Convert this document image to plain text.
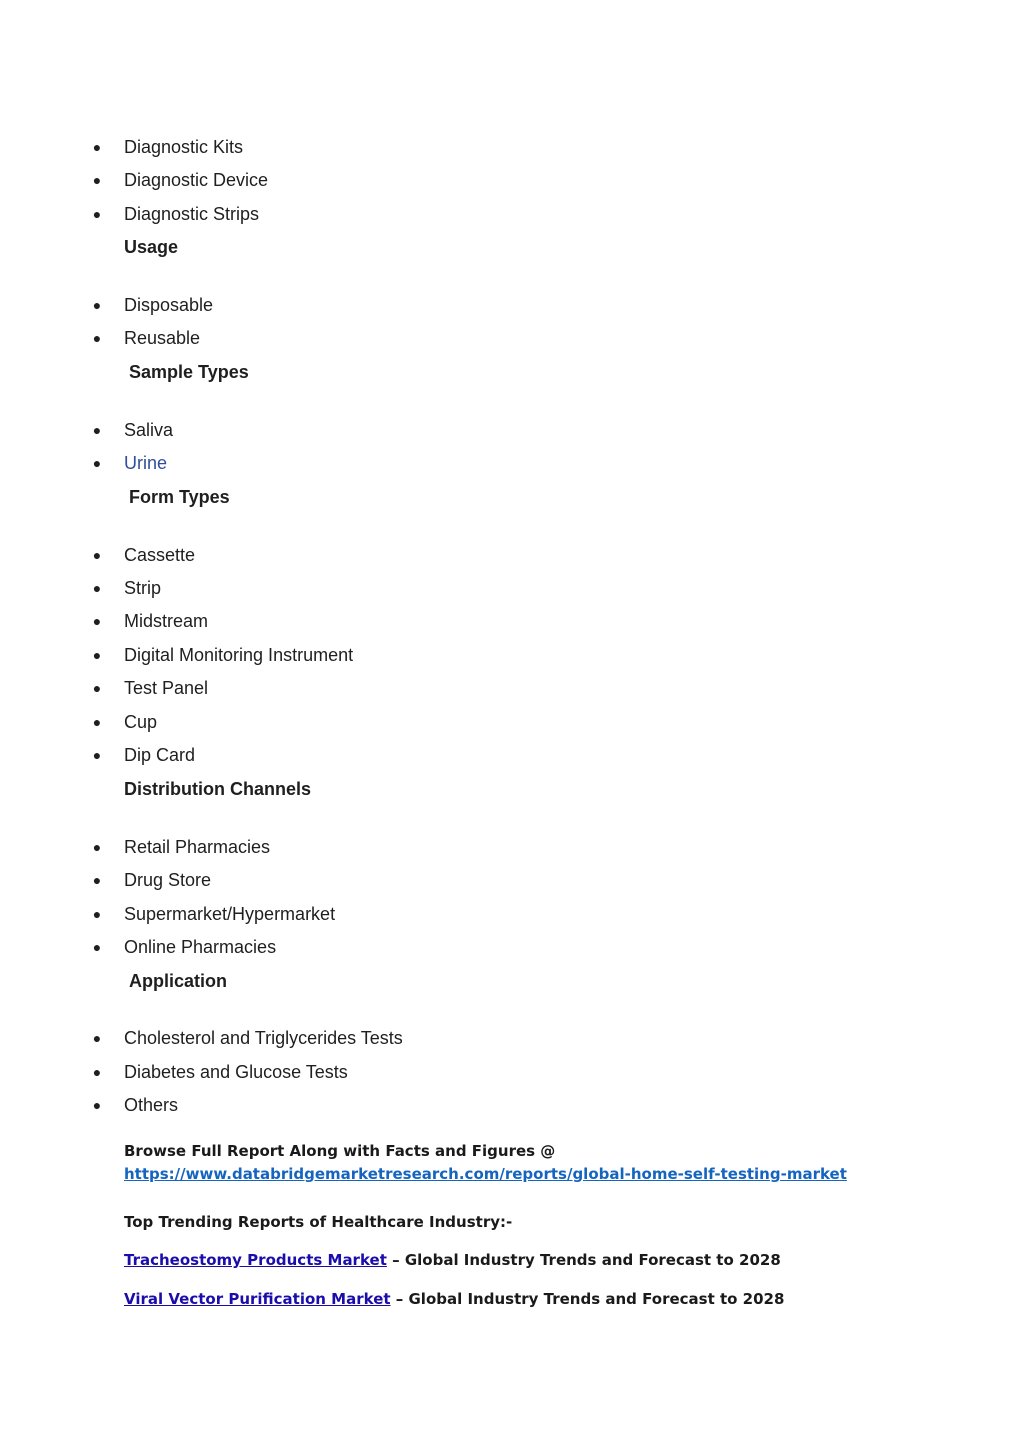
● Diagnostic Kits
● Diagnostic Device
● Diagnostic Strips
Usage
● Disposable
● Reusable
Sample Types
● Saliva
● Urine
Form Types
● Cassette
● Strip
● Midstream
● Digital Monitoring Instrument
● Test Panel
● Cup
● Dip Card
Distribution Channels
● Retail Pharmacies
● Drug Store
● Supermarket/Hypermarket
● Online Pharmacies
Application
● Cholesterol and Triglycerides Tests
● Diabetes and Glucose Tests
● Others
Browse Full Report Along with Facts and Figures @
https://www.databridgemarketresearch.com/reports/global-home-self-testing-market
Top Trending Reports of Healthcare Industry:-
Tracheostomy Products Market – Global Industry Trends and Forecast to 2028
Viral Vector Purification Market – Global Industry Trends and Forecast to 2028
